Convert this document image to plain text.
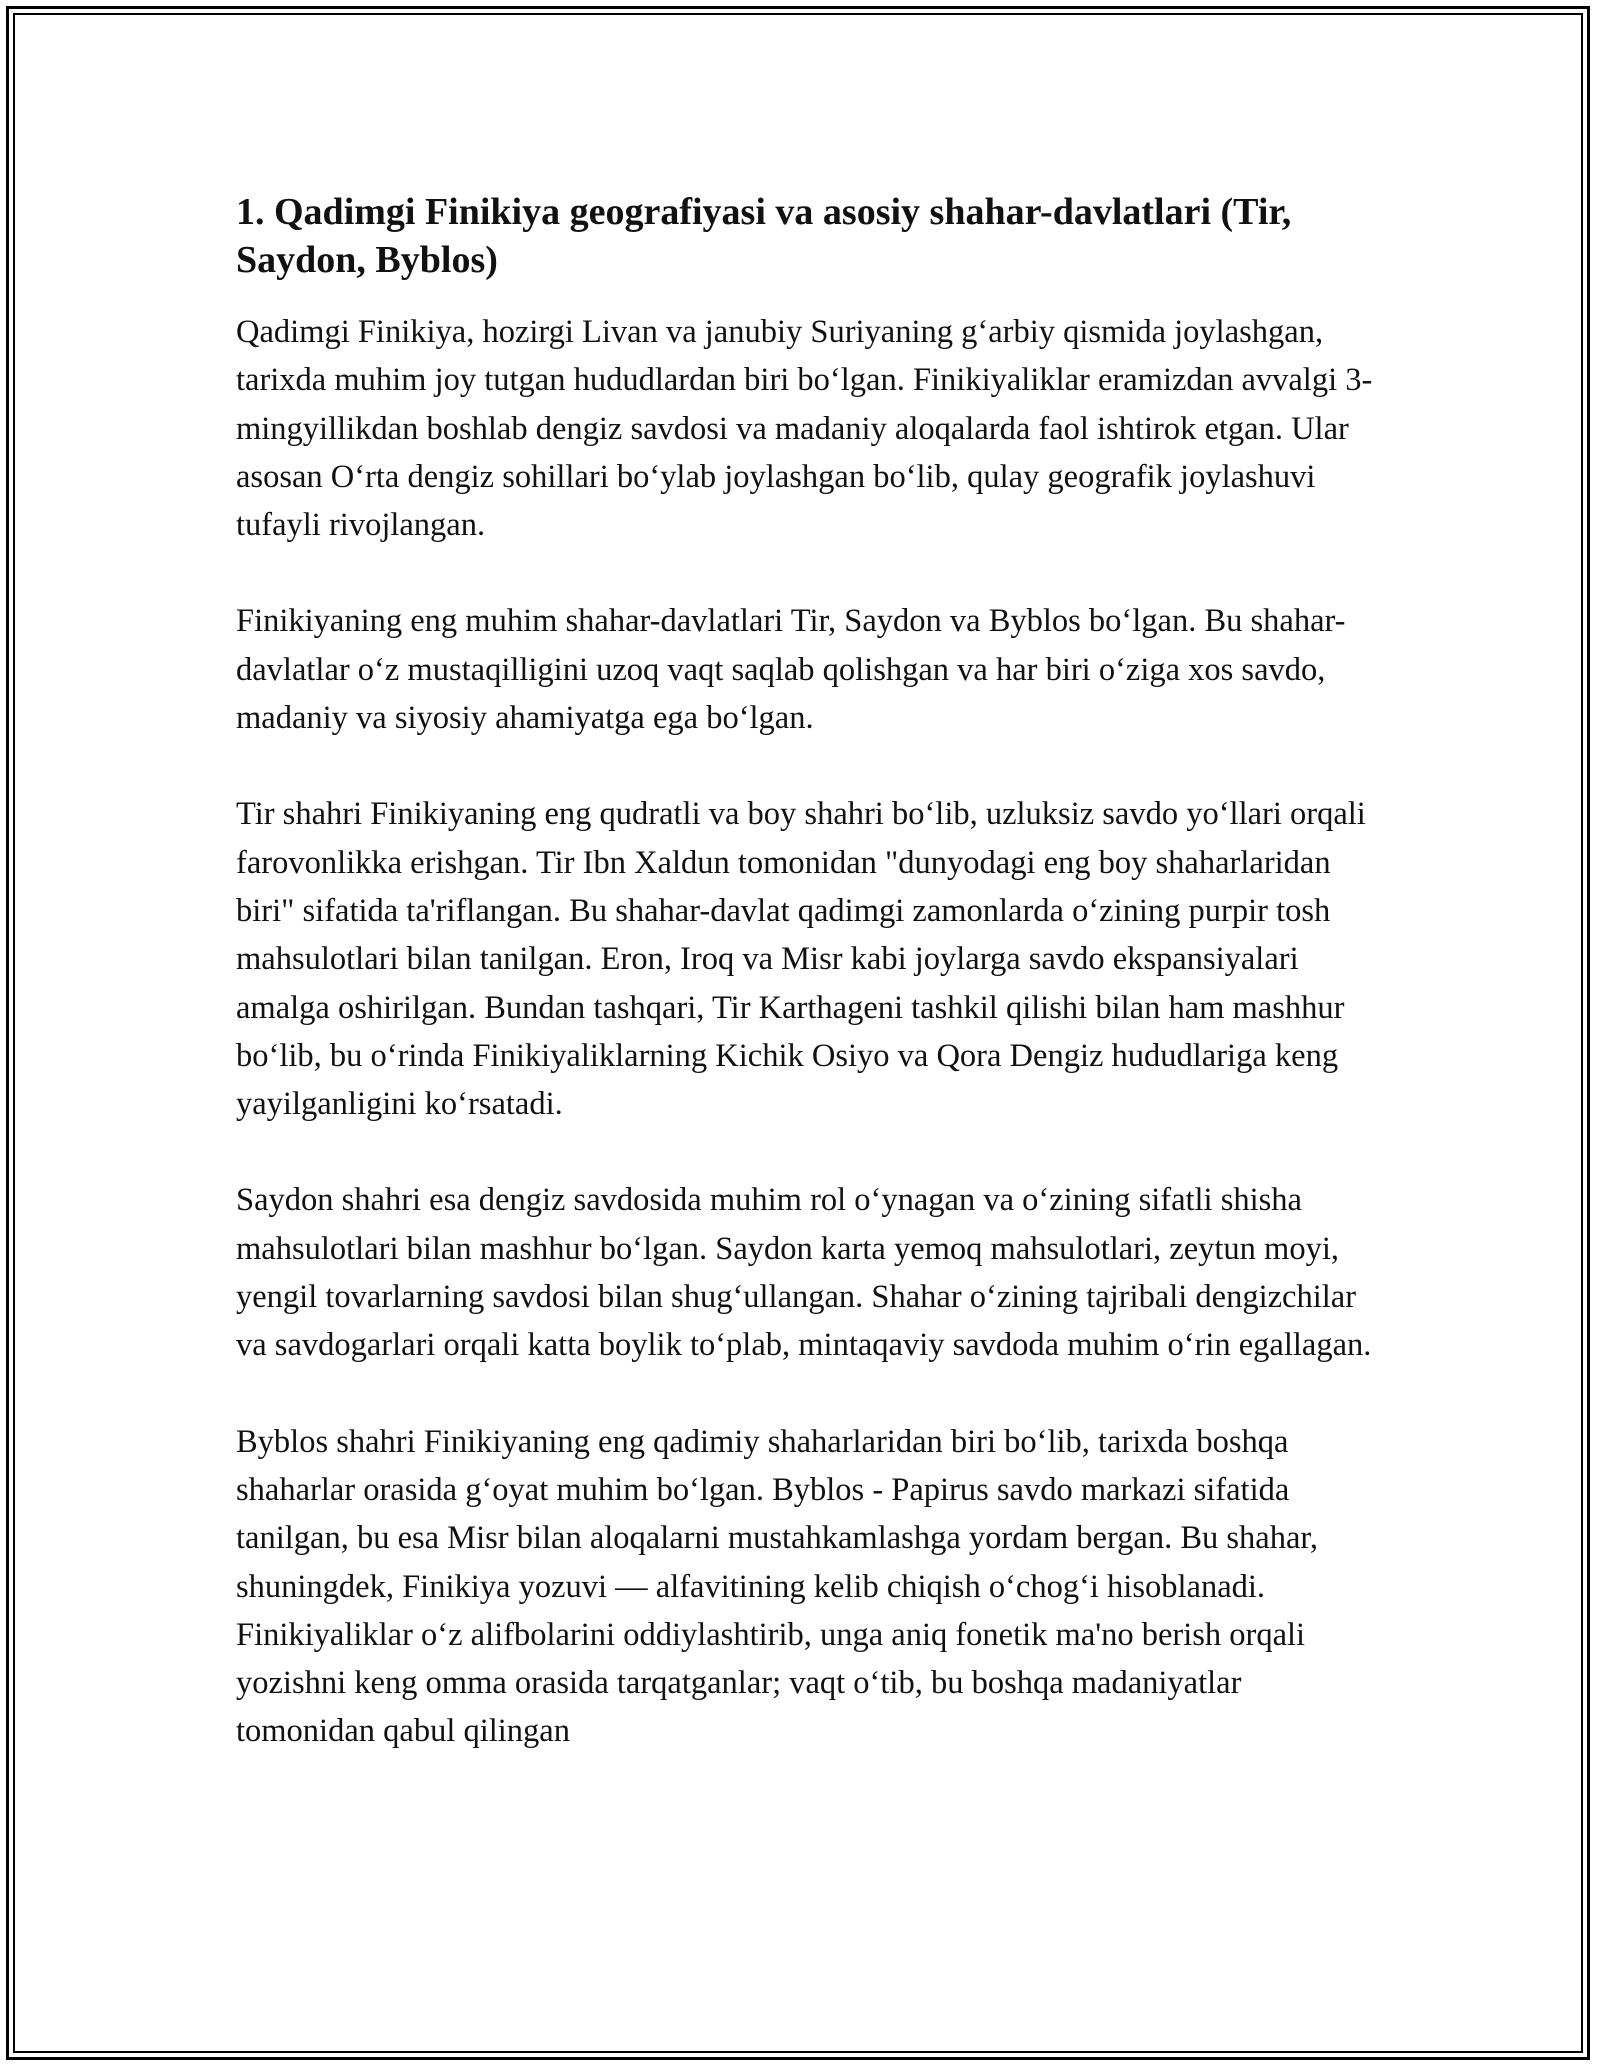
1. Qadimgi Finikiya geografiyasi va asosiy shahar-davlatlari (Tir, Saydon, Byblos)

Qadimgi Finikiya, hozirgi Livan va janubiy Suriyaning gʻarbiy qismida joylashgan, tarixda muhim joy tutgan hududlardan biri boʻlgan. Finikiyaliklar eramizdan avvalgi 3-mingyillikdan boshlab dengiz savdosi va madaniy aloqalarda faol ishtirok etgan. Ular asosan Oʻrta dengiz sohillari boʻylab joylashgan boʻlib, qulay geografik joylashuvi tufayli rivojlangan.

Finikiyaning eng muhim shahar-davlatlari Tir, Saydon va Byblos boʻlgan. Bu shahar-davlatlar oʻz mustaqilligini uzoq vaqt saqlab qolishgan va har biri oʻziga xos savdo, madaniy va siyosiy ahamiyatga ega boʻlgan.

Tir shahri Finikiyaning eng qudratli va boy shahri boʻlib, uzluksiz savdo yoʻllari orqali farovonlikka erishgan. Tir Ibn Xaldun tomonidan "dunyodagi eng boy shaharlaridan biri" sifatida ta'riflangan. Bu shahar-davlat qadimgi zamonlarda oʻzining purpir tosh mahsulotlari bilan tanilgan. Eron, Iroq va Misr kabi joylarga savdo ekspansiyalari amalga oshirilgan. Bundan tashqari, Tir Karthageni tashkil qilishi bilan ham mashhur boʻlib, bu oʻrinda Finikiyaliklarning Kichik Osiyo va Qora Dengiz hududlariga keng yayilganligini koʻrsatadi.

Saydon shahri esa dengiz savdosida muhim rol oʻynagan va oʻzining sifatli shisha mahsulotlari bilan mashhur boʻlgan. Saydon karta yemoq mahsulotlari, zeytun moyi, yengil tovarlarning savdosi bilan shugʻullangan. Shahar oʻzining tajribali dengizchilar va savdogarlari orqali katta boylik toʻplab, mintaqaviy savdoda muhim oʻrin egallagan.

Byblos shahri Finikiyaning eng qadimiy shaharlaridan biri boʻlib, tarixda boshqa shaharlar orasida gʻoyat muhim boʻlgan. Byblos - Papirus savdo markazi sifatida tanilgan, bu esa Misr bilan aloqalarni mustahkamlashga yordam bergan. Bu shahar, shuningdek, Finikiya yozuvi — alfavitining kelib chiqish oʻchogʻi hisoblanadi. Finikiyaliklar oʻz alifbolarini oddiylashtirib, unga aniq fonetik ma'no berish orqali yozishni keng omma orasida tarqatganlar; vaqt oʻtib, bu boshqa madaniyatlar tomonidan qabul qilingan
